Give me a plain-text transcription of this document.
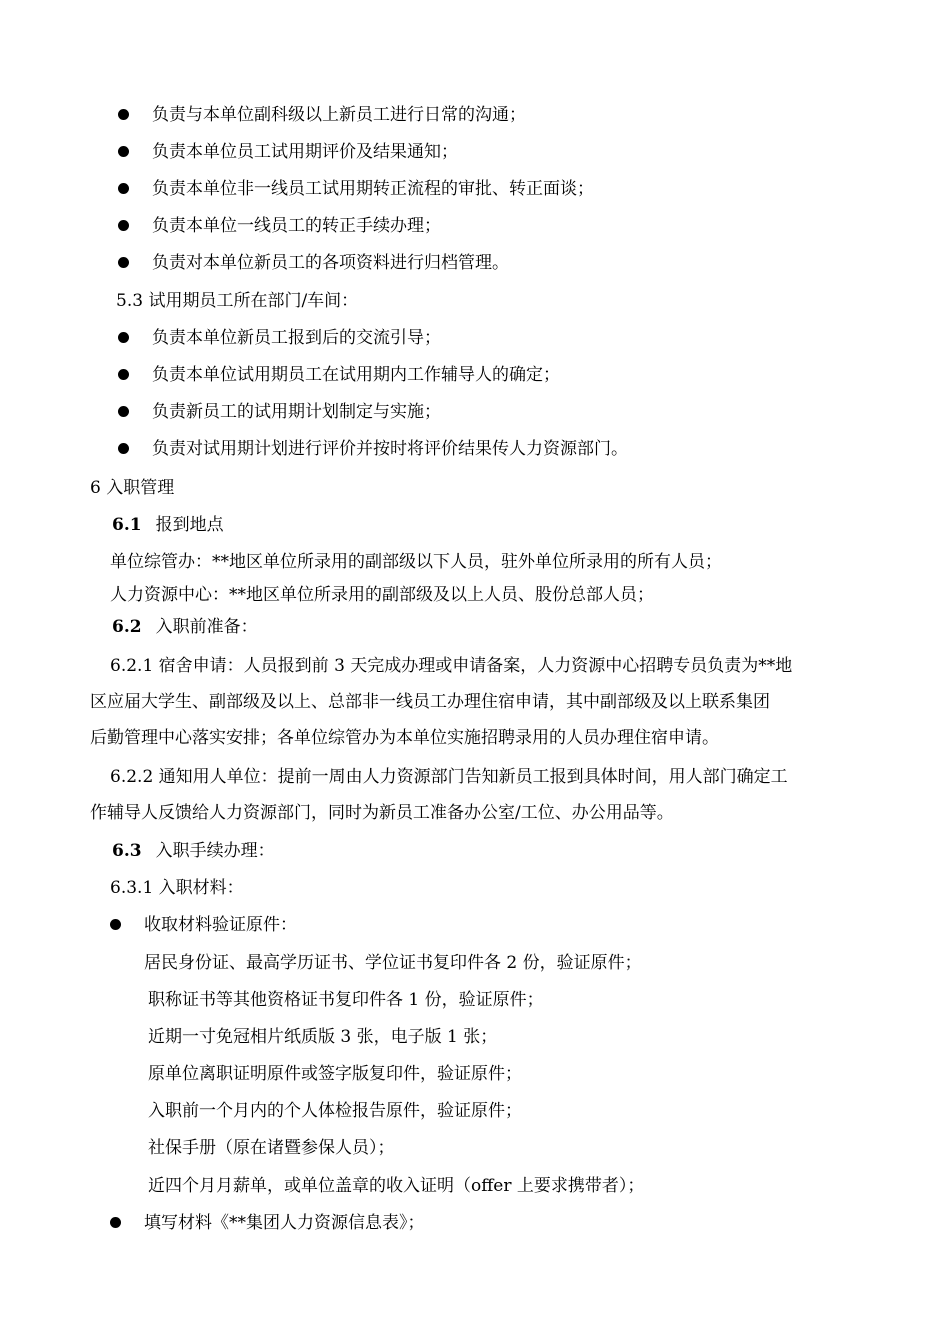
负责与本单位副科级以上新员工进行日常的沟通；
负责本单位员工试用期评价及结果通知；
负责本单位非一线员工试用期转正流程的审批、转正面谈；
负责本单位一线员工的转正手续办理；
负责对本单位新员工的各项资料进行归档管理。
5.3 试用期员工所在部门/车间：
负责本单位新员工报到后的交流引导；
负责本单位试用期员工在试用期内工作辅导人的确定；
负责新员工的试用期计划制定与实施；
负责对试用期计划进行评价并按时将评价结果传人力资源部门。
6 入职管理
6.1 报到地点
单位综管办：**地区单位所录用的副部级以下人员，驻外单位所录用的所有人员；
人力资源中心：**地区单位所录用的副部级及以上人员、股份总部人员；
6.2 入职前准备：
6.2.1 宿舍申请：人员报到前 3 天完成办理或申请备案，人力资源中心招聘专员负责为**地
区应届大学生、副部级及以上、总部非一线员工办理住宿申请，其中副部级及以上联系集团
后勤管理中心落实安排；各单位综管办为本单位实施招聘录用的人员办理住宿申请。
6.2.2 通知用人单位：提前一周由人力资源部门告知新员工报到具体时间，用人部门确定工
作辅导人反馈给人力资源部门，同时为新员工准备办公室/工位、办公用品等。
6.3 入职手续办理：
6.3.1 入职材料：
收取材料验证原件：
居民身份证、最高学历证书、学位证书复印件各 2 份，验证原件；
职称证书等其他资格证书复印件各 1 份，验证原件；
近期一寸免冠相片纸质版 3 张，电子版 1 张；
原单位离职证明原件或签字版复印件，验证原件；
入职前一个月内的个人体检报告原件，验证原件；
社保手册（原在诸暨参保人员）；
近四个月月薪单，或单位盖章的收入证明（offer 上要求携带者）；
填写材料《**集团人力资源信息表》；
